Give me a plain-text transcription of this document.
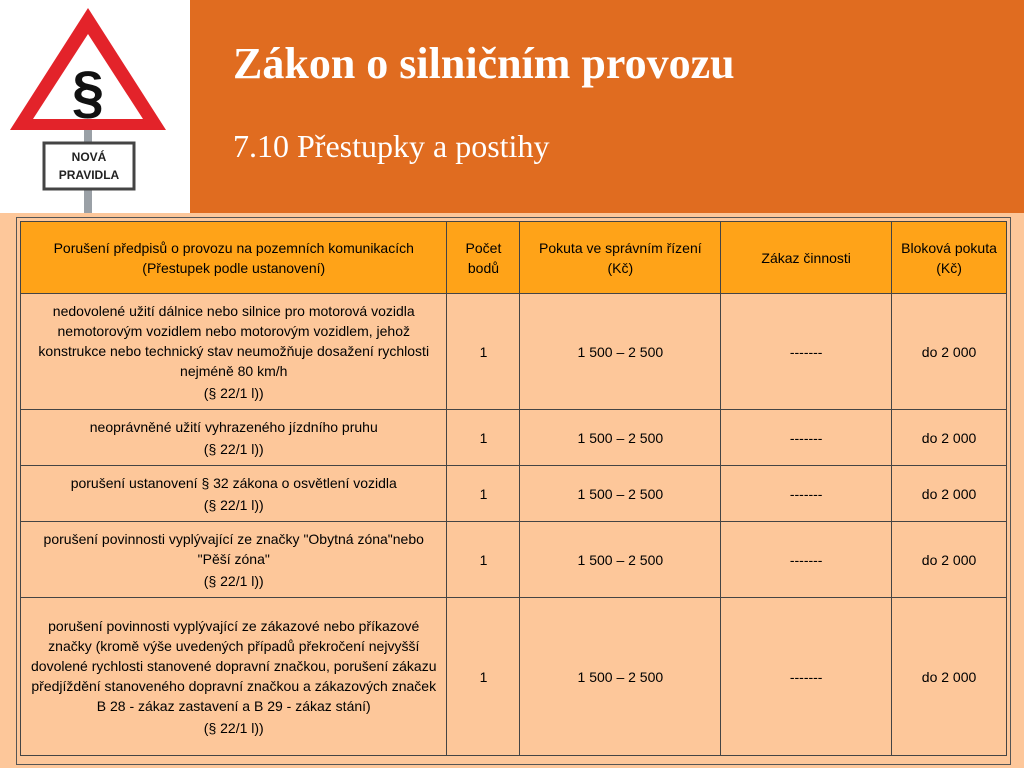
§
NOVÁ
PRAVIDLA
Zákon o silničním provozu
7.10 Přestupky a postihy
Porušení předpisů o provozu na pozemních komunikacích
(Přestupek podle ustanovení)	Počet bodů	Pokuta ve správním řízení (Kč)	Zákaz činnosti	Bloková pokuta (Kč)
nedovolené užití dálnice nebo silnice pro motorová vozidla nemotorovým vozidlem nebo motorovým vozidlem, jehož konstrukce nebo technický stav neumožňuje dosažení rychlosti nejméně 80 km/h
(§ 22/1 l))	1	1 500 – 2 500	-------	do 2 000
neoprávněné užití vyhrazeného jízdního pruhu
(§ 22/1 l))	1	1 500 – 2 500	-------	do 2 000
porušení ustanovení § 32 zákona o osvětlení vozidla
(§ 22/1 l))	1	1 500 – 2 500	-------	do 2 000
porušení povinnosti vyplývající ze značky "Obytná zóna"nebo "Pěší zóna"
(§ 22/1 l))	1	1 500 – 2 500	-------	do 2 000
porušení povinnosti vyplývající ze zákazové nebo příkazové značky (kromě výše uvedených případů překročení nejvyšší dovolené rychlosti stanovené dopravní značkou, porušení zákazu předjíždění stanoveného dopravní značkou a zákazových značek B 28 - zákaz zastavení a B 29 - zákaz stání)
(§ 22/1 l))	1	1 500 – 2 500	-------	do 2 000
